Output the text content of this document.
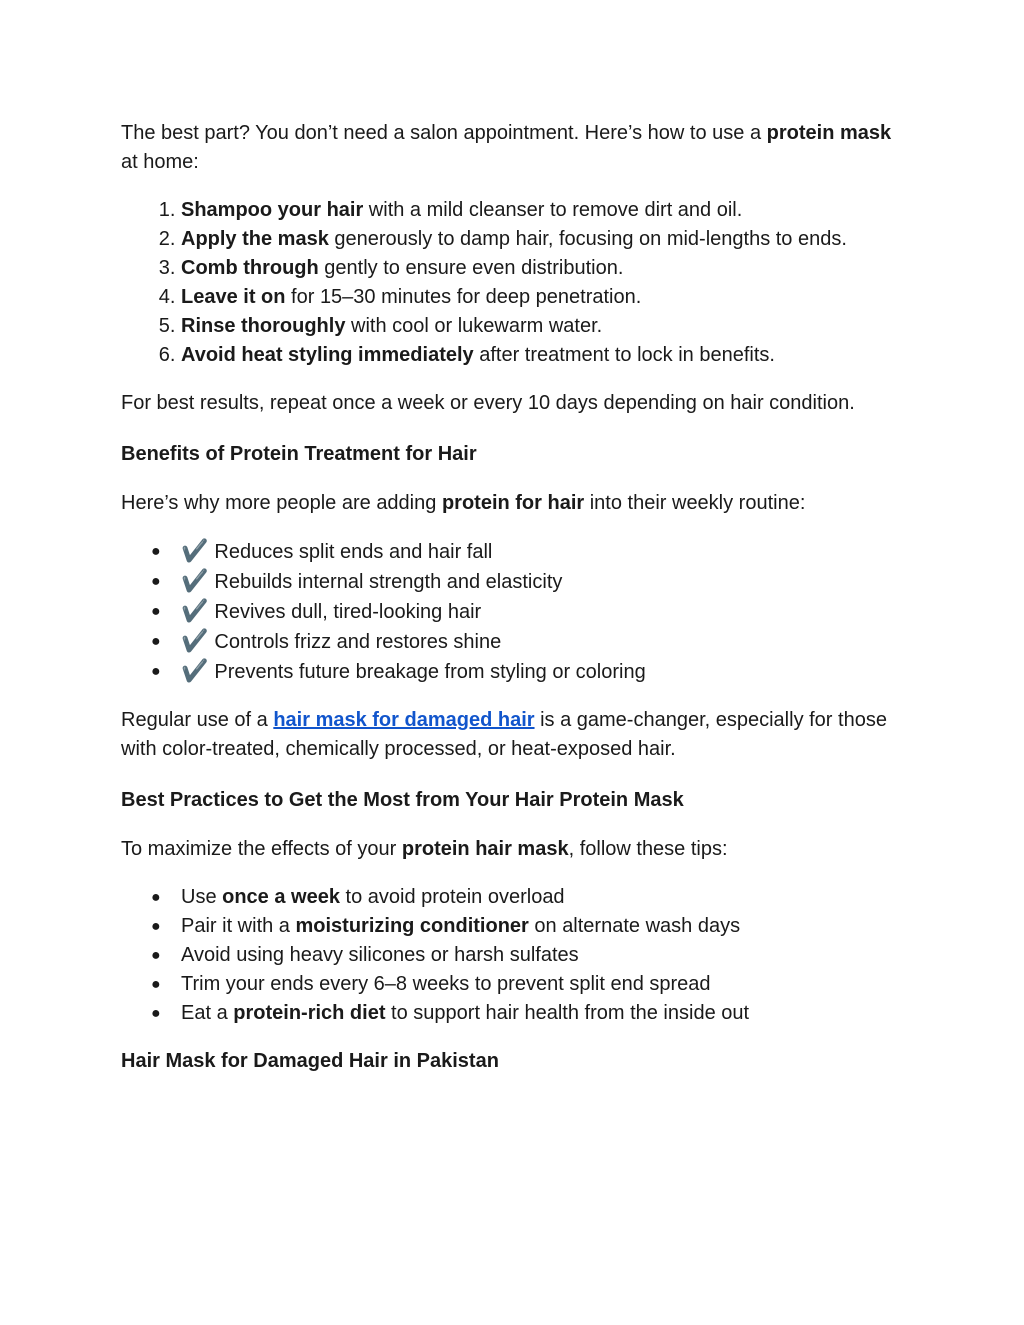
The best part? You don’t need a salon appointment. Here’s how to use a protein mask at home:

1. Shampoo your hair with a mild cleanser to remove dirt and oil.
2. Apply the mask generously to damp hair, focusing on mid-lengths to ends.
3. Comb through gently to ensure even distribution.
4. Leave it on for 15–30 minutes for deep penetration.
5. Rinse thoroughly with cool or lukewarm water.
6. Avoid heat styling immediately after treatment to lock in benefits.

For best results, repeat once a week or every 10 days depending on hair condition.

Benefits of Protein Treatment for Hair

Here’s why more people are adding protein for hair into their weekly routine:

● ✔️ Reduces split ends and hair fall
● ✔️ Rebuilds internal strength and elasticity
● ✔️ Revives dull, tired-looking hair
● ✔️ Controls frizz and restores shine
● ✔️ Prevents future breakage from styling or coloring

Regular use of a hair mask for damaged hair is a game-changer, especially for those with color-treated, chemically processed, or heat-exposed hair.

Best Practices to Get the Most from Your Hair Protein Mask

To maximize the effects of your protein hair mask, follow these tips:

● Use once a week to avoid protein overload
● Pair it with a moisturizing conditioner on alternate wash days
● Avoid using heavy silicones or harsh sulfates
● Trim your ends every 6–8 weeks to prevent split end spread
● Eat a protein-rich diet to support hair health from the inside out
Hair Mask for Damaged Hair in Pakistan
